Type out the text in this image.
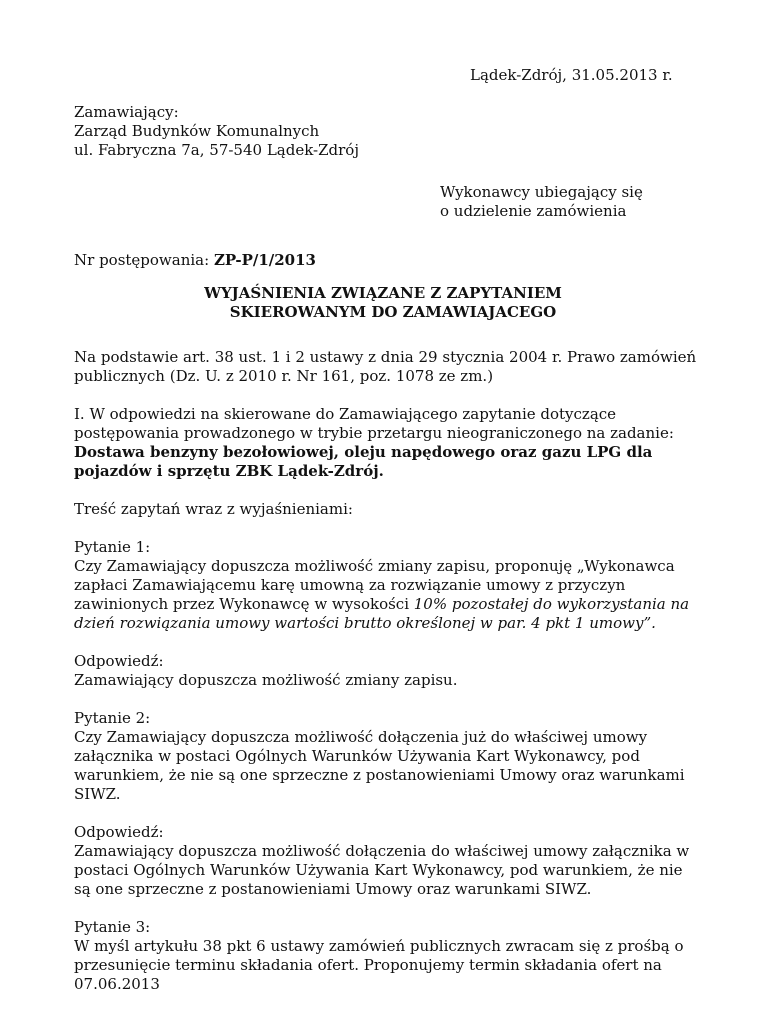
Lądek-Zdrój, 31.05.2013 r.
Zamawiający:
Zarząd Budynków Komunalnych
ul. Fabryczna 7a, 57-540 Lądek-Zdrój
Wykonawcy ubiegający się
o udzielenie zamówienia
Nr postępowania: ZP-P/1/2013
WYJAŚNIENIA ZWIĄZANE Z ZAPYTANIEM
SKIEROWANYM DO ZAMAWIAJACEGO
Na podstawie art. 38 ust. 1 i 2 ustawy z dnia 29 stycznia 2004 r. Prawo zamówień
publicznych (Dz. U. z 2010 r. Nr 161, poz. 1078 ze zm.)
I. W odpowiedzi na skierowane do Zamawiającego zapytanie dotyczące
postępowania prowadzonego w trybie przetargu nieograniczonego na zadanie:
Dostawa benzyny bezołowiowej, oleju napędowego oraz gazu LPG dla
pojazdów i sprzętu ZBK Lądek-Zdrój.
Treść zapytań wraz z wyjaśnieniami:
Pytanie 1:
Czy Zamawiający dopuszcza możliwość zmiany zapisu, proponuję „Wykonawca
zapłaci Zamawiającemu karę umowną za rozwiązanie umowy z przyczyn
zawinionych przez Wykonawcę w wysokości 10% pozostałej do wykorzystania na
dzień rozwiązania umowy wartości brutto określonej w par. 4 pkt 1 umowy”.
Odpowiedź:
Zamawiający dopuszcza możliwość zmiany zapisu.
Pytanie 2:
Czy Zamawiający dopuszcza możliwość dołączenia już do właściwej umowy
załącznika w postaci Ogólnych Warunków Używania Kart Wykonawcy, pod
warunkiem, że nie są one sprzeczne z postanowieniami Umowy oraz warunkami
SIWZ.
Odpowiedź:
Zamawiający dopuszcza możliwość dołączenia do właściwej umowy załącznika w
postaci Ogólnych Warunków Używania Kart Wykonawcy, pod warunkiem, że nie
są one sprzeczne z postanowieniami Umowy oraz warunkami SIWZ.
Pytanie 3:
W myśl artykułu 38 pkt 6 ustawy zamówień publicznych zwracam się z prośbą o
przesunięcie terminu składania ofert. Proponujemy termin składania ofert na
07.06.2013
